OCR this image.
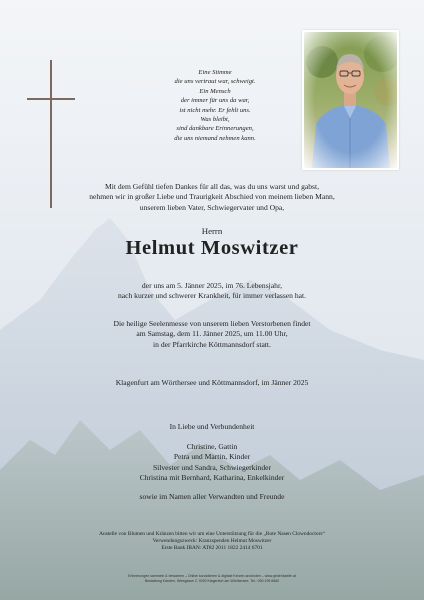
Eine Stimme
die uns vertraut war, schweigt.
Ein Mensch
der immer für uns da war,
ist nicht mehr. Er fehlt uns.
Was bleibt,
sind dankbare Erinnerungen,
die uns niemand nehmen kann.
Mit dem Gefühl tiefen Dankes für all das, was du uns warst und gabst,
nehmen wir in großer Liebe und Traurigkeit Abschied von meinem lieben Mann,
unserem lieben Vater, Schwiegervater und Opa,
Herrn
Helmut Moswitzer
der uns am 5. Jänner 2025, im 76. Lebensjahr,
nach kurzer und schwerer Krankheit, für immer verlassen hat.
Die heilige Seelenmesse von unserem lieben Verstorbenen findet
am Samstag, dem 11. Jänner 2025, um 11.00 Uhr,
in der Pfarrkirche Köttmannsdorf statt.
Klagenfurt am Wörthersee und Köttmannsdorf, im Jänner 2025
In Liebe und Verbundenheit
Christine, Gattin
Petra und Martin, Kinder
Silvester und Sandra, Schwiegerkinder
Christina mit Bernhard, Katharina, Enkelkinder
sowie im Namen aller Verwandten und Freunde
Anstelle von Blumen und Kränzen bitten wir um eine Unterstützung für die „Rote Nasen Clowndoctors“
Verwendungszweck: Kranzspenden Helmut Moswitzer
Erste Bank IBAN: AT82 2011 1822 2414 6701
Erinnerungen sammeln & bewahren – Online kondolieren & digitale Kerzen anzünden – www.gedenkseite.at
Bestattung Kärnten, Wiesgasse 2, 9020 Klagenfurt am Wörthersee, Tel.: 050 199 6660
